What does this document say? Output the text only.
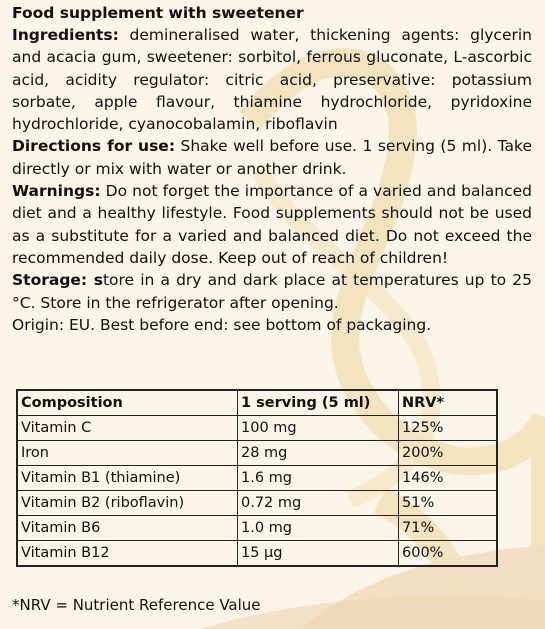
Food supplement with sweetener

Ingredients: demineralised water, thickening agents: glycerin and acacia gum, sweetener: sorbitol, ferrous gluconate, L-ascorbic acid, acidity regulator: citric acid, preservative: potassium sorbate, apple flavour, thiamine hydrochloride, pyridoxine hydrochloride, cyanocobalamin, riboflavin

Directions for use: Shake well before use. 1 serving (5 ml). Take directly or mix with water or another drink.

Warnings: Do not forget the importance of a varied and balanced diet and a healthy lifestyle. Food supplements should not be used as a substitute for a varied and balanced diet. Do not exceed the recommended daily dose. Keep out of reach of children!

Storage: store in a dry and dark place at temperatures up to 25 °C. Store in the refrigerator after opening.

Origin: EU. Best before end: see bottom of packaging.

Composition	1 serving (5 ml)	NRV*
Vitamin C	100 mg	125%
Iron	28 mg	200%
Vitamin B1 (thiamine)	1.6 mg	146%
Vitamin B2 (riboflavin)	0.72 mg	51%
Vitamin B6	1.0 mg	71%
Vitamin B12	15 µg	600%

*NRV = Nutrient Reference Value
